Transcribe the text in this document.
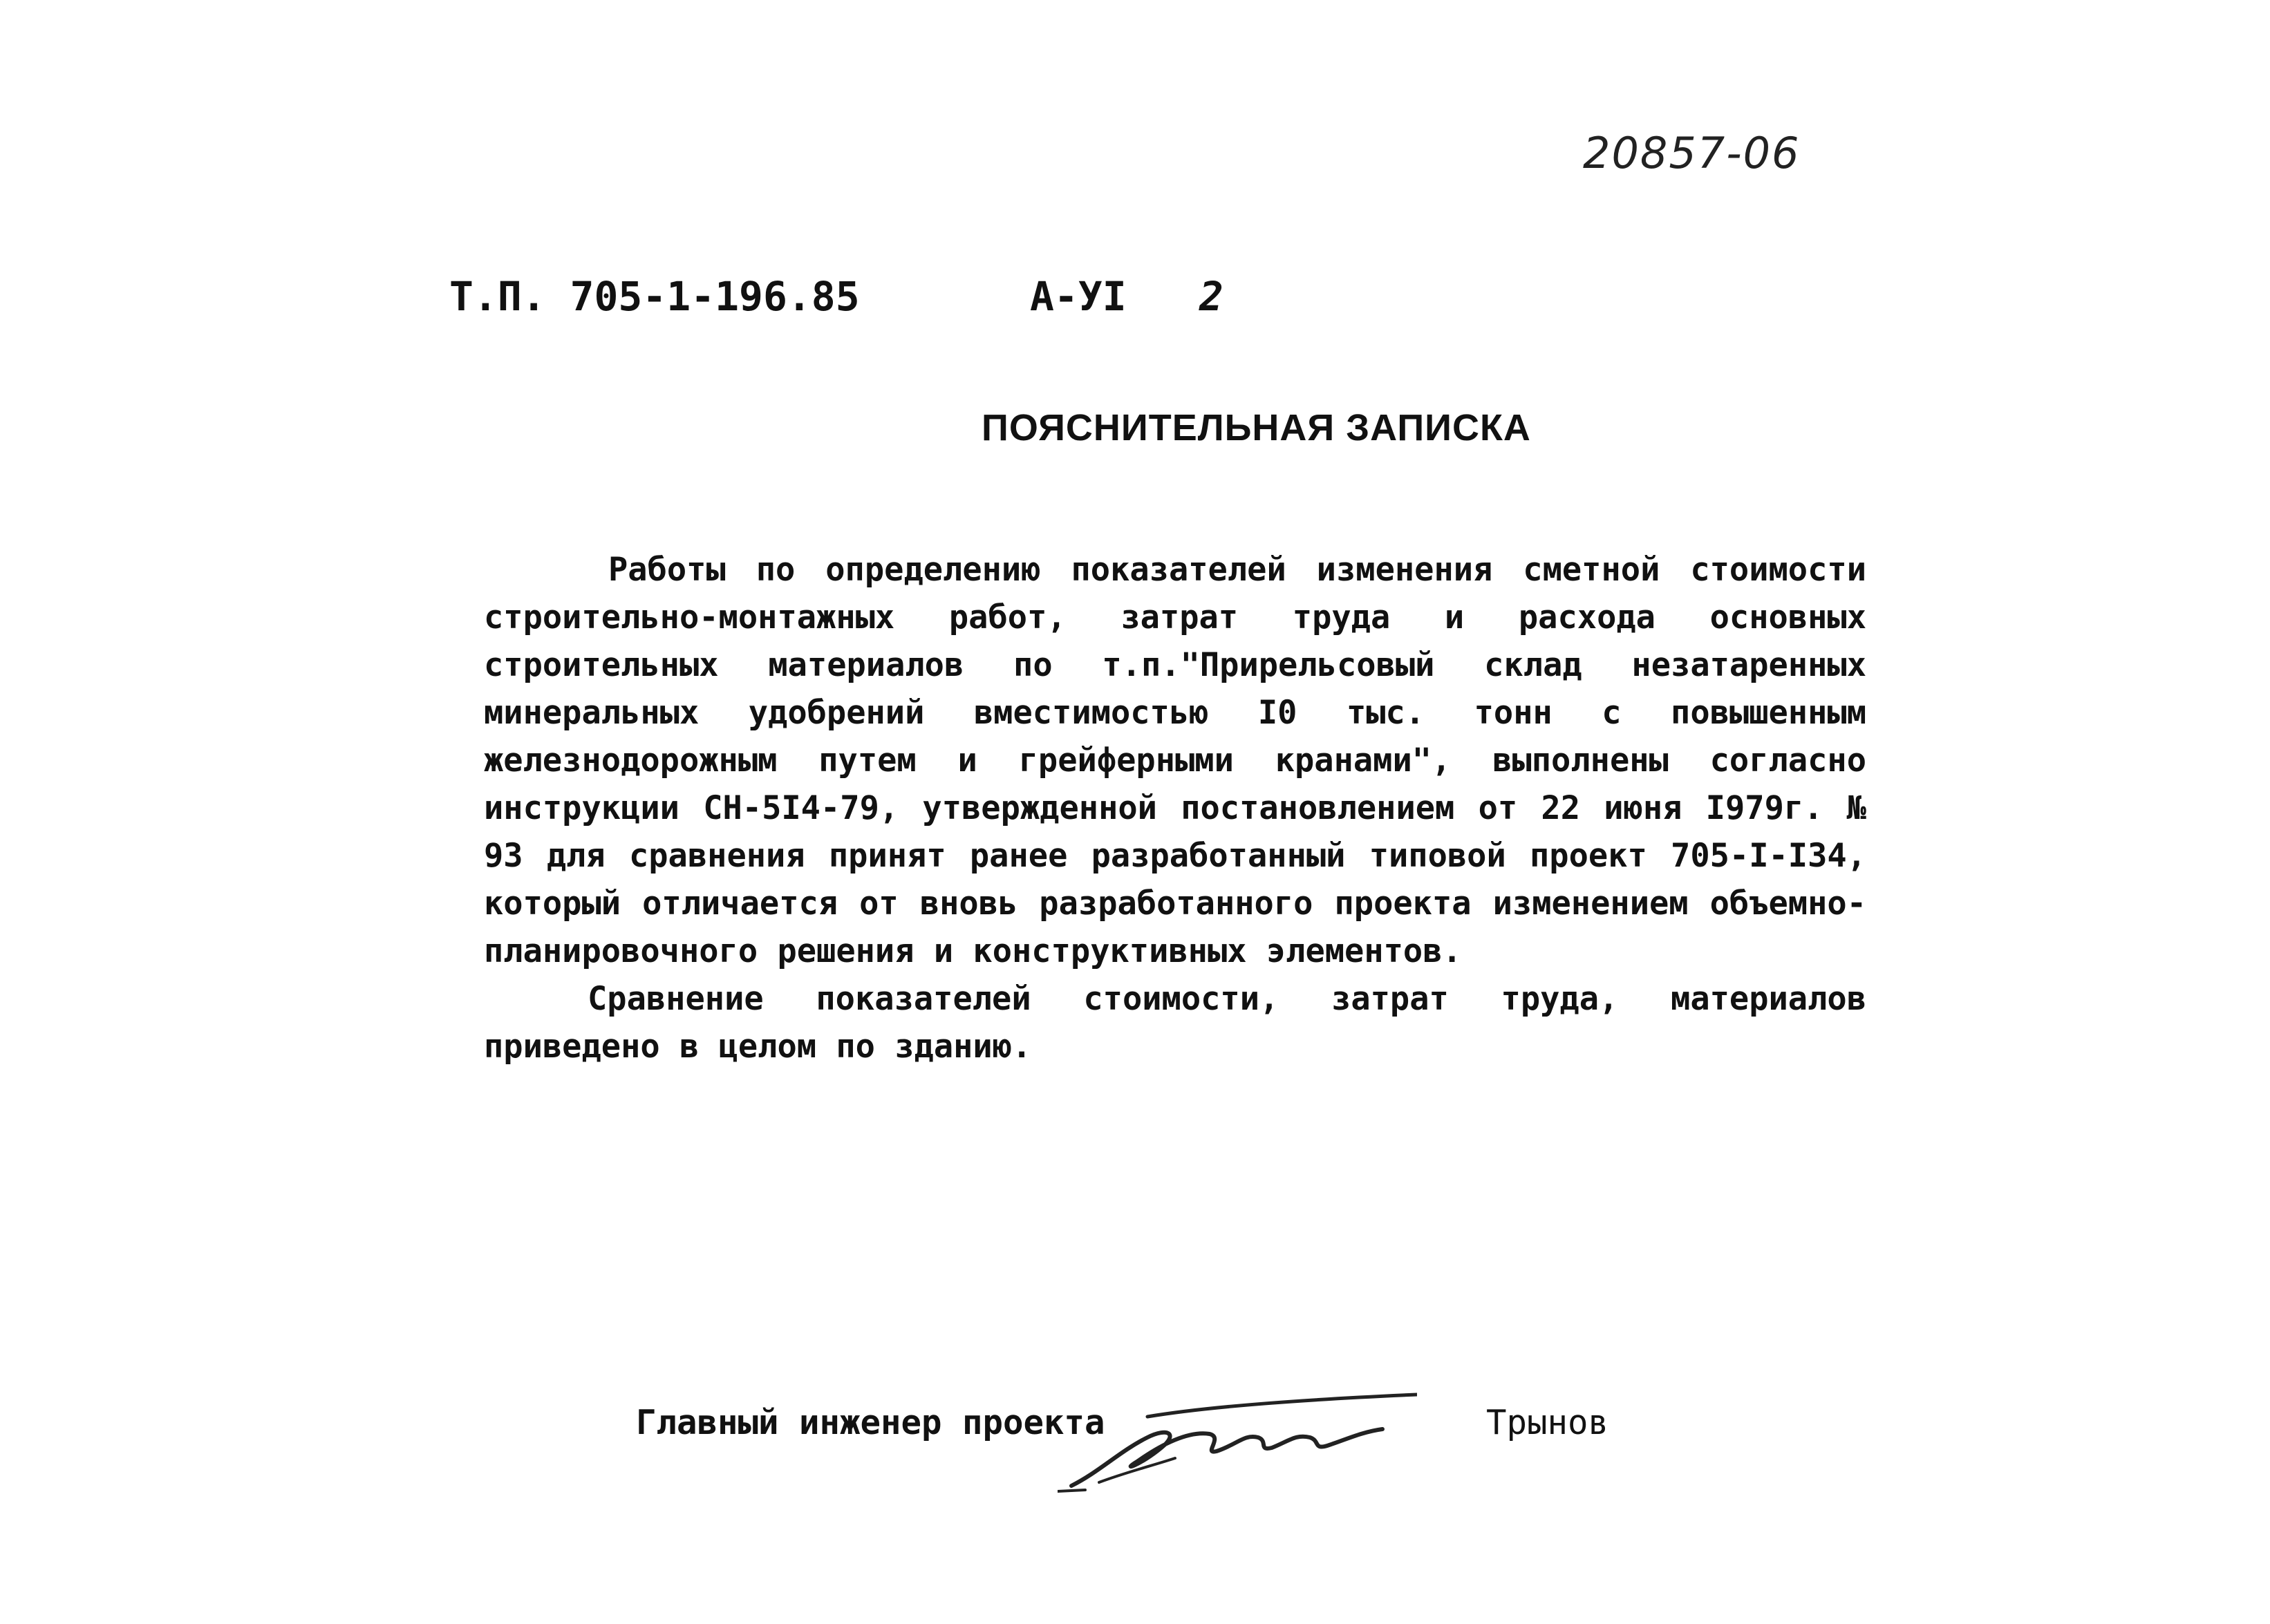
20857-06
Т.П. 705-1-196.85	А-УI 2
ПОЯСНИТЕЛЬНАЯ ЗАПИСКА

Работы по определению показателей изменения сметной стоимости строительно-монтажных работ, затрат труда и расхода основных строительных материалов по т.п."Прирельсовый склад незатаренных минеральных удобрений вместимостью I0 тыс. тонн с повышенным железнодорожным путем и грейферными кранами", выполнены согласно инструкции СН-5I4-79, утвержденной постановлением от 22 июня I979г. № 93 для сравнения принят ранее разработанный типовой проект 705-I-I34, который отличается от вновь разработанного проекта изменением объемно-планировочного решения и конструктивных элементов.

Сравнение показателей стоимости, затрат труда, материалов приведено в целом по зданию.

Главный инженер проекта	Трынов
